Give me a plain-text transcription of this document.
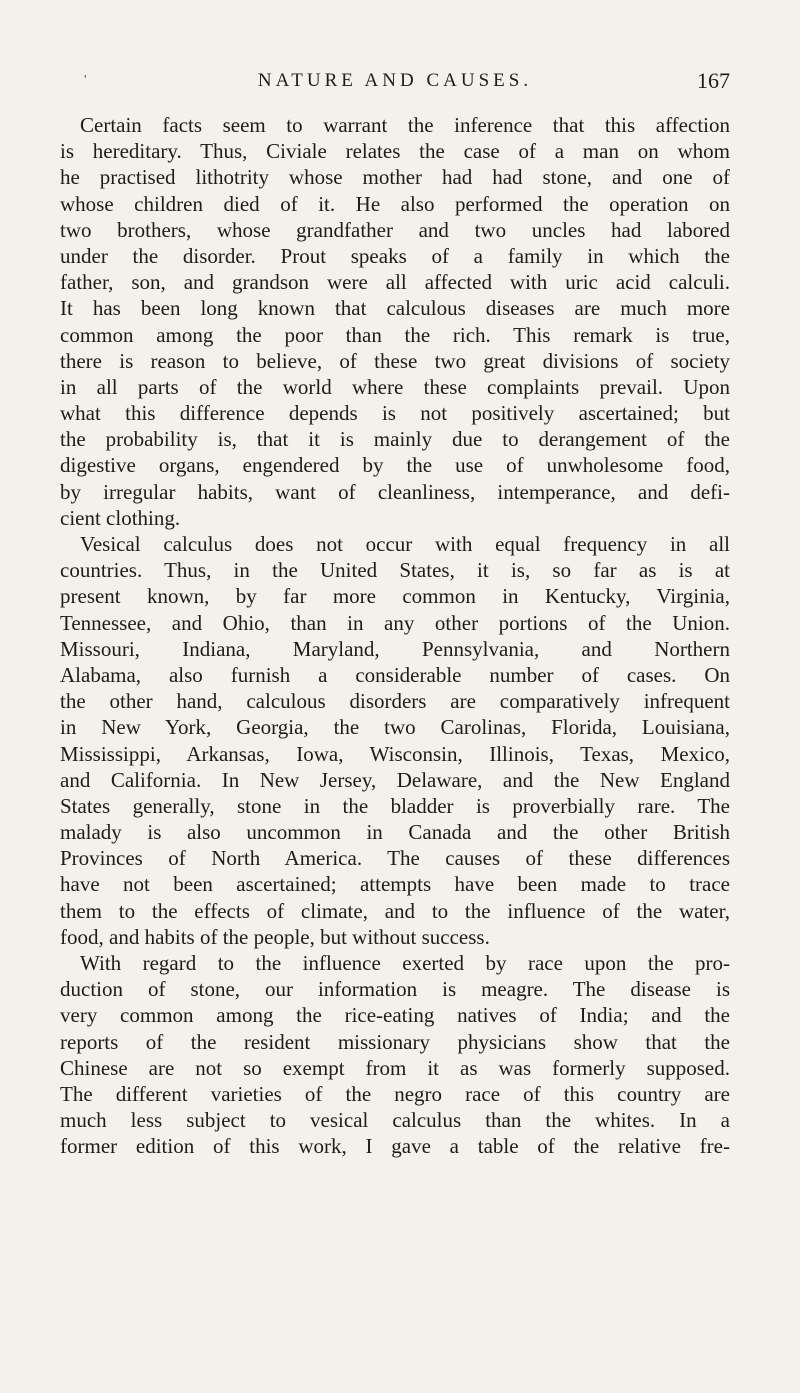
'	NATURE AND CAUSES.	167
Certain facts seem to warrant the inference that this affection
is hereditary. Thus, Civiale relates the case of a man on whom
he practised lithotrity whose mother had had stone, and one of
whose children died of it. He also performed the operation on
two brothers, whose grandfather and two uncles had labored
under the disorder. Prout speaks of a family in which the
father, son, and grandson were all affected with uric acid calculi.
It has been long known that calculous diseases are much more
common among the poor than the rich. This remark is true,
there is reason to believe, of these two great divisions of society
in all parts of the world where these complaints prevail. Upon
what this difference depends is not positively ascertained; but
the probability is, that it is mainly due to derangement of the
digestive organs, engendered by the use of unwholesome food,
by irregular habits, want of cleanliness, intemperance, and defi-
cient clothing.
Vesical calculus does not occur with equal frequency in all
countries. Thus, in the United States, it is, so far as is at
present known, by far more common in Kentucky, Virginia,
Tennessee, and Ohio, than in any other portions of the Union.
Missouri, Indiana, Maryland, Pennsylvania, and Northern
Alabama, also furnish a considerable number of cases. On
the other hand, calculous disorders are comparatively infrequent
in New York, Georgia, the two Carolinas, Florida, Louisiana,
Mississippi, Arkansas, Iowa, Wisconsin, Illinois, Texas, Mexico,
and California. In New Jersey, Delaware, and the New England
States generally, stone in the bladder is proverbially rare. The
malady is also uncommon in Canada and the other British
Provinces of North America. The causes of these differences
have not been ascertained; attempts have been made to trace
them to the effects of climate, and to the influence of the water,
food, and habits of the people, but without success.
With regard to the influence exerted by race upon the pro-
duction of stone, our information is meagre. The disease is
very common among the rice-eating natives of India; and the
reports of the resident missionary physicians show that the
Chinese are not so exempt from it as was formerly supposed.
The different varieties of the negro race of this country are
much less subject to vesical calculus than the whites. In a
former edition of this work, I gave a table of the relative fre-
